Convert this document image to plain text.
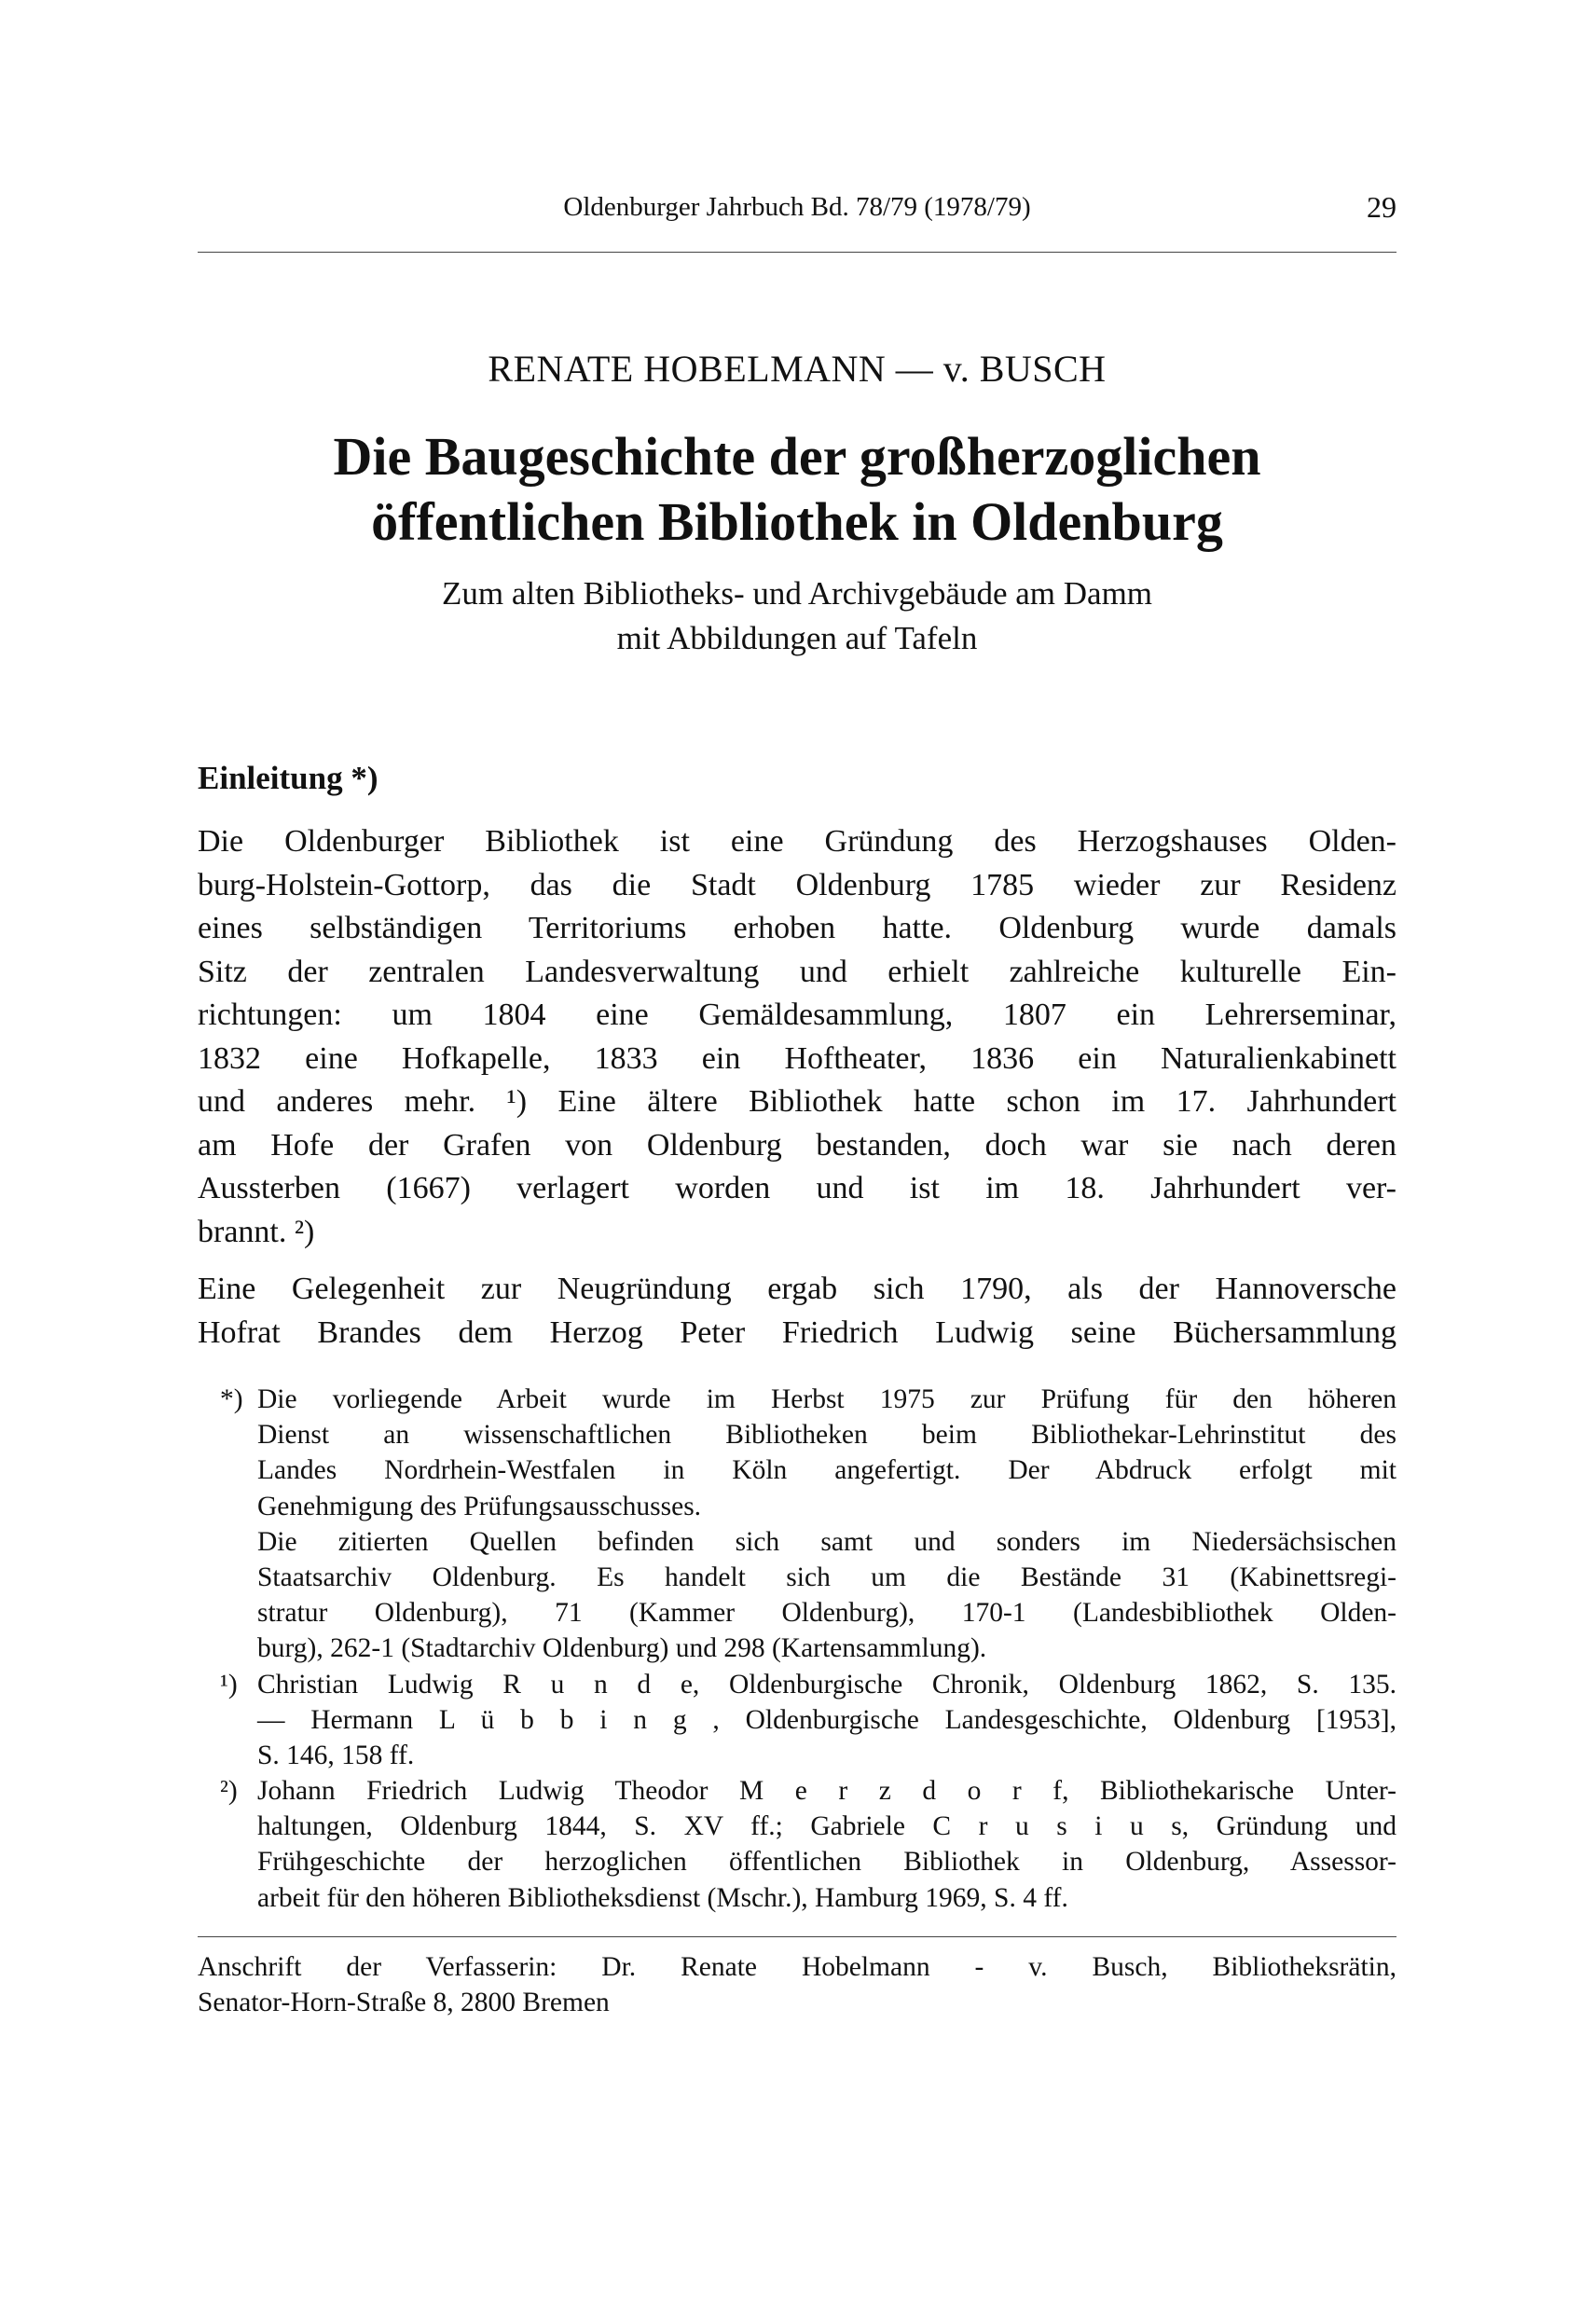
Oldenburger Jahrbuch Bd. 78/79 (1978/79)	29
RENATE HOBELMANN — v. BUSCH
Die Baugeschichte der großherzoglichen
öffentlichen Bibliothek in Oldenburg
Zum alten Bibliotheks- und Archivgebäude am Damm
mit Abbildungen auf Tafeln
Einleitung *)
Die Oldenburger Bibliothek ist eine Gründung des Herzogshauses Olden-
burg-Holstein-Gottorp, das die Stadt Oldenburg 1785 wieder zur Residenz
eines selbständigen Territoriums erhoben hatte. Oldenburg wurde damals
Sitz der zentralen Landesverwaltung und erhielt zahlreiche kulturelle Ein-
richtungen: um 1804 eine Gemäldesammlung, 1807 ein Lehrerseminar,
1832 eine Hofkapelle, 1833 ein Hoftheater, 1836 ein Naturalienkabinett
und anderes mehr. ¹) Eine ältere Bibliothek hatte schon im 17. Jahrhundert
am Hofe der Grafen von Oldenburg bestanden, doch war sie nach deren
Aussterben (1667) verlagert worden und ist im 18. Jahrhundert ver-
brannt. ²)
Eine Gelegenheit zur Neugründung ergab sich 1790, als der Hannoversche
Hofrat Brandes dem Herzog Peter Friedrich Ludwig seine Büchersammlung
*) Die vorliegende Arbeit wurde im Herbst 1975 zur Prüfung für den höheren
Dienst an wissenschaftlichen Bibliotheken beim Bibliothekar-Lehrinstitut des
Landes Nordrhein-Westfalen in Köln angefertigt. Der Abdruck erfolgt mit
Genehmigung des Prüfungsausschusses.
Die zitierten Quellen befinden sich samt und sonders im Niedersächsischen
Staatsarchiv Oldenburg. Es handelt sich um die Bestände 31 (Kabinettsregi-
stratur Oldenburg), 71 (Kammer Oldenburg), 170-1 (Landesbibliothek Olden-
burg), 262-1 (Stadtarchiv Oldenburg) und 298 (Kartensammlung).
¹) Christian Ludwig R u n d e, Oldenburgische Chronik, Oldenburg 1862, S. 135.
— Hermann L ü b b i n g , Oldenburgische Landesgeschichte, Oldenburg [1953],
S. 146, 158 ff.
²) Johann Friedrich Ludwig Theodor M e r z d o r f, Bibliothekarische Unter-
haltungen, Oldenburg 1844, S. XV ff.; Gabriele C r u s i u s, Gründung und
Frühgeschichte der herzoglichen öffentlichen Bibliothek in Oldenburg, Assessor-
arbeit für den höheren Bibliotheksdienst (Mschr.), Hamburg 1969, S. 4 ff.
Anschrift der Verfasserin: Dr. Renate Hobelmann - v. Busch, Bibliotheksrätin,
Senator-Horn-Straße 8, 2800 Bremen
